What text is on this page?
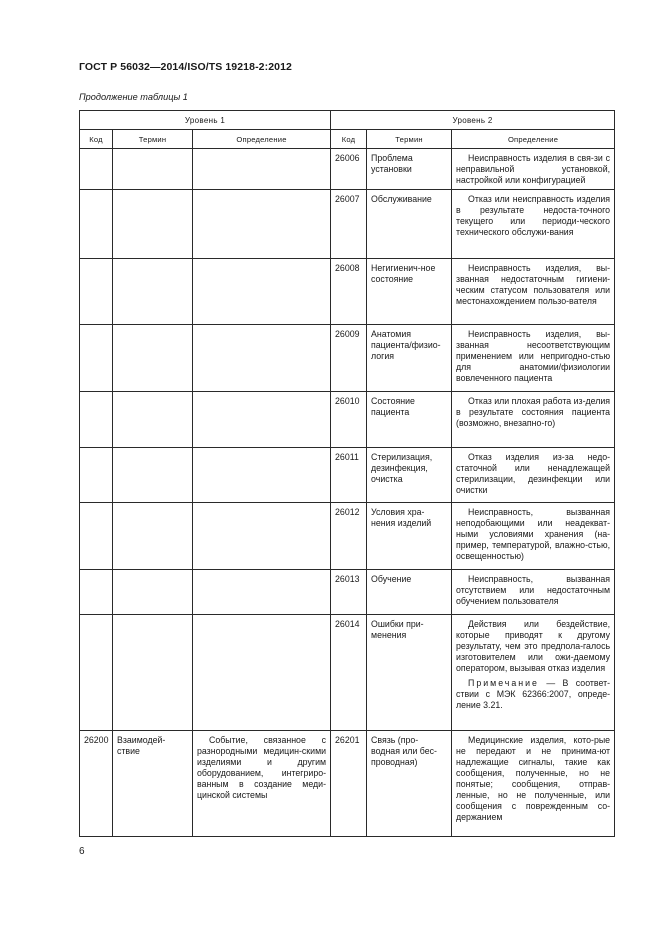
ГОСТ Р 56032—2014/ISO/TS 19218-2:2012
Продолжение таблицы 1
Уровень 1			Уровень 2		
Код	Термин	Определение	Код	Термин	Определение
			26006	Проблема установки	Неисправность изделия в свя-зи с неправильной установкой, настройкой или конфигурацией
			26007	Обслуживание	Отказ или неисправность изделия в результате недоста-точного текущего или периоди-ческого технического обслужи-вания
			26008	Негигиенич-ное состояние	Неисправность изделия, вы-званная недостаточным гигиени-ческим статусом пользователя или местонахождением пользо-вателя
			26009	Анатомия пациента/физио-логия	Неисправность изделия, вы-званная несоответствующим применением или непригодно-стью для анатомии/физиологии вовлеченного пациента
			26010	Состояние пациента	Отказ или плохая работа из-делия в результате состояния пациента (возможно, внезапно-го)
			26011	Стерилизация, дезинфекция, очистка	Отказ изделия из-за недо-статочной или ненадлежащей стерилизации, дезинфекции или очистки
			26012	Условия хра-нения изделий	Неисправность, вызванная неподобающими или неадекват-ными условиями хранения (на-пример, температурой, влажно-стью, освещенностью)
			26013	Обучение	Неисправность, вызванная отсутствием или недостаточным обучением пользователя
			26014	Ошибки при-менения	Действия или бездействие, которые приводят к другому результату, чем это предпола-галось изготовителем или ожи-даемому оператором, вызывая отказ изделия

Примечание — В соответ-ствии с МЭК 62366:2007, опреде-ление 3.21.

26200	Взаимодей-ствие	Событие, связанное с разнородными медицин-скими изделиями и другим оборудованием, интегриро-ванным в создание меди-цинской системы	26201	Связь (про-водная или бес-проводная)	Медицинские изделия, кото-рые не передают и не принима-ют надлежащие сигналы, такие как сообщения, полученные, но не понятые; сообщения, отправ-ленные, но не полученные, или сообщения с поврежденным со-держанием
6
